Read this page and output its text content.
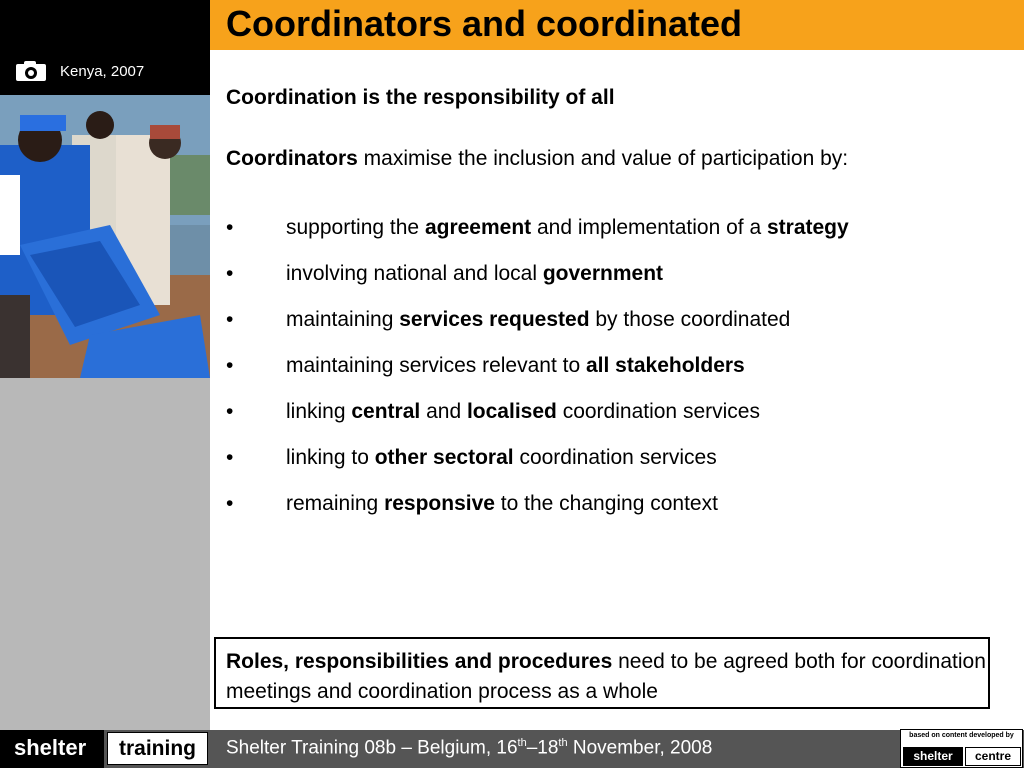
Kenya, 2007
Coordinators and coordinated
Coordination is the responsibility of all
Coordinators maximise the inclusion and value of participation by:
•	supporting the agreement and implementation of a strategy
•	involving national and local government
•	maintaining services requested by those coordinated
•	maintaining services relevant to all stakeholders
•	linking central and localised coordination services
•	linking to other sectoral coordination services
•	remaining responsive to the changing context
Roles, responsibilities and procedures need to be agreed both for coordination meetings and coordination process as a whole
shelter	training	Shelter Training 08b – Belgium, 16th–18th November, 2008
based on content developed by
shelter	centre
